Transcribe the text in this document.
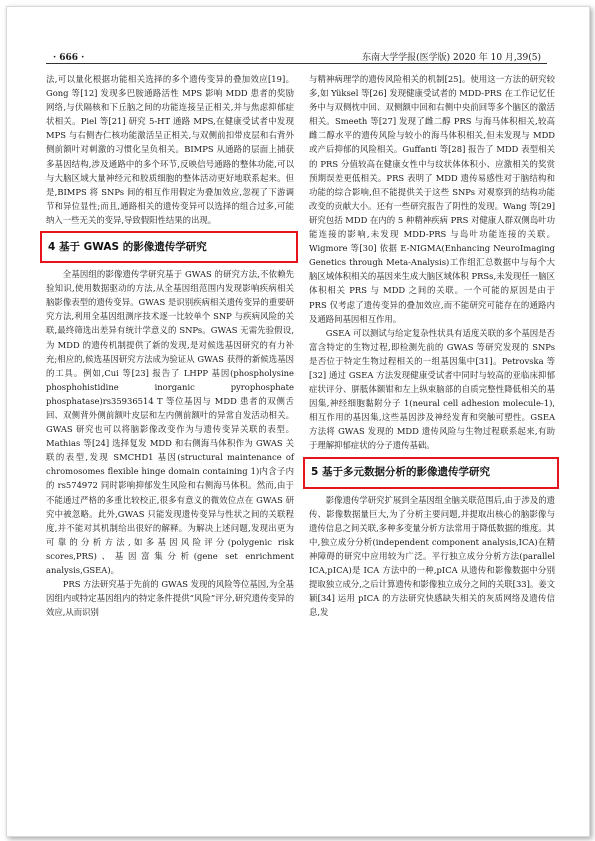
· 666 ·	东南大学学报(医学版) 2020 年 10 月,39(5)

法,可以量化根据功能相关选择的多个遗传变异的叠加效应[19]。Gong 等[12] 发现多巴胺通路活性 MPS 影响 MDD 患者的奖励网络,与伏隔核和下丘脑之间的功能连接呈正相关,并与焦虑抑郁症状相关。Piel 等[21] 研究 5-HT 通路 MPS,在健康受试者中发现 MPS 与右侧杏仁核功能激活呈正相关,与双侧前扣带皮层和右背外侧前额叶对刺激的习惯化呈负相关。BIMPS 从通路的层面上捕获多基因结构,涉及通路中的多个环节,反映信号通路的整体功能,可以与大脑区域大量神经元和胶质细胞的整体活动更好地联系起来。但是,BIMPS 将 SNPs 间的相互作用假定为叠加效应,忽视了下游调节和异位显性;而且,通路相关的遗传变异可以选择的组合过多,可能纳入一些无关的变异,导致假阳性结果的出现。

4 基于 GWAS 的影像遗传学研究

全基因组的影像遗传学研究基于 GWAS 的研究方法,不依赖先验知识,使用数据驱动的方法,从全基因组范围内发现影响疾病相关脑影像表型的遗传变异。GWAS 是识别疾病相关遗传变异的重要研究方法,利用全基因组测序技术逐一比较单个 SNP 与疾病风险的关联,最终筛选出差异有统计学意义的 SNPs。GWAS 无需先验假设,为 MDD 的遗传机制提供了新的发现,是对候选基因研究的有力补充;相应的,候选基因研究方法成为验证从 GWAS 获得的新候选基因的工具。例如,Cui 等[23] 报告了 LHPP 基因(phospholysine phosphohistidine inorganic pyrophosphate phosphatase)rs35936514 T 等位基因与 MDD 患者的双侧舌回、双侧背外侧前额叶皮层和左内侧前额叶的异常自发活动相关。GWAS 研究也可以将脑影像改变作为与遗传变异关联的表型。Mathias 等[24] 选择复发 MDD 和右侧海马体积作为 GWAS 关联的表型,发现 SMCHD1 基因(structural maintenance of chromosomes flexible hinge domain containing 1)内含子内的 rs574972 同时影响抑郁发生风险和右侧海马体积。然而,由于不能通过严格的多重比较校正,很多有意义的微效位点在 GWAS 研究中被忽略。此外,GWAS 只能发现遗传变异与性状之间的关联程度,并不能对其机制给出很好的解释。为解决上述问题,发现出更为可靠的分析方法,如多基因风险评分(polygenic risk scores,PRS)、基因富集分析(gene set enrichment analysis,GSEA)。

PRS 方法研究基于先前的 GWAS 发现的风险等位基因,为全基因组内或特定基因组内的特定条件提供“风险”评分,研究遗传变异的效应,从而识别

与精神病理学的遗传风险相关的机制[25]。使用这一方法的研究较多,如 Yüksel 等[26] 发现健康受试者的 MDD-PRS 在工作记忆任务中与双侧枕中回、双侧额中回和右侧中央前回等多个脑区的激活相关。Smeeth 等[27] 发现了雌二醇 PRS 与海马体积相关,较高雌二醇水平的遗传风险与较小的海马体积相关,但未发现与 MDD 或产后抑郁的风险相关。Guffanti 等[28] 报告了 MDD 表型相关的 PRS 分值较高在健康女性中与纹状体体积小、应激相关的奖赏预期误差更低相关。PRS 表明了 MDD 遗传易感性对于脑结构和功能的综合影响,但不能提供关于这些 SNPs 对观察到的结构功能改变的贡献大小。还有一些研究报告了阴性的发现。Wang 等[29] 研究包括 MDD 在内的 5 种精神疾病 PRS 对健康人群双侧岛叶功能连接的影响,未发现 MDD-PRS 与岛叶功能连接的关联。Wigmore 等[30] 依据 E-NIGMA(Enhancing NeuroImaging Genetics through Meta-Analysis)工作组汇总数据中与每个大脑区域体积相关的基因来生成大脑区域体积 PRSs,未发现任一脑区体积相关 PRS 与 MDD 之间的关联。一个可能的原因是由于 PRS 仅考虑了遗传变异的叠加效应,而不能研究可能存在的通路内及通路间基因相互作用。

GSEA 可以测试与给定复杂性状具有适度关联的多个基因是否富含特定的生物过程,即检测先前的 GWAS 等研究发现的 SNPs 是否位于特定生物过程相关的一组基因集中[31]。Petrovska 等[32] 通过 GSEA 方法发现健康受试者中同时与较高的亚临床抑郁症状评分、胼胝体额钳和左上纵束脑部的自质完整性降低相关的基因集,神经细胞黏附分子 1(neural cell adhesion molecule-1),相互作用的基因集,这些基因涉及神经发育和突触可塑性。GSEA 方法将 GWAS 发现的 MDD 遗传风险与生物过程联系起来,有助于理解抑郁症状的分子遗传基础。

5 基于多元数据分析的影像遗传学研究

影像遗传学研究扩展到全基因组全脑关联范围后,由于涉及的遗传、影像数据量巨大,为了分析主要问题,并提取出核心的脑影像与遗传信息之间关联,多种多变量分析方法常用于降低数据的维度。其中,独立成分分析(independent component analysis,ICA)在精神障碍的研究中应用较为广泛。平行独立成分分析方法(parallel ICA,pICA)是 ICA 方法中的一种,pICA 从遗传和影像数据中分别提取独立成分,之后计算遗传和影像独立成分之间的关联[33]。姜文颖[34] 运用 pICA 的方法研究快感缺失相关的灰质网络及遗传信息,发
